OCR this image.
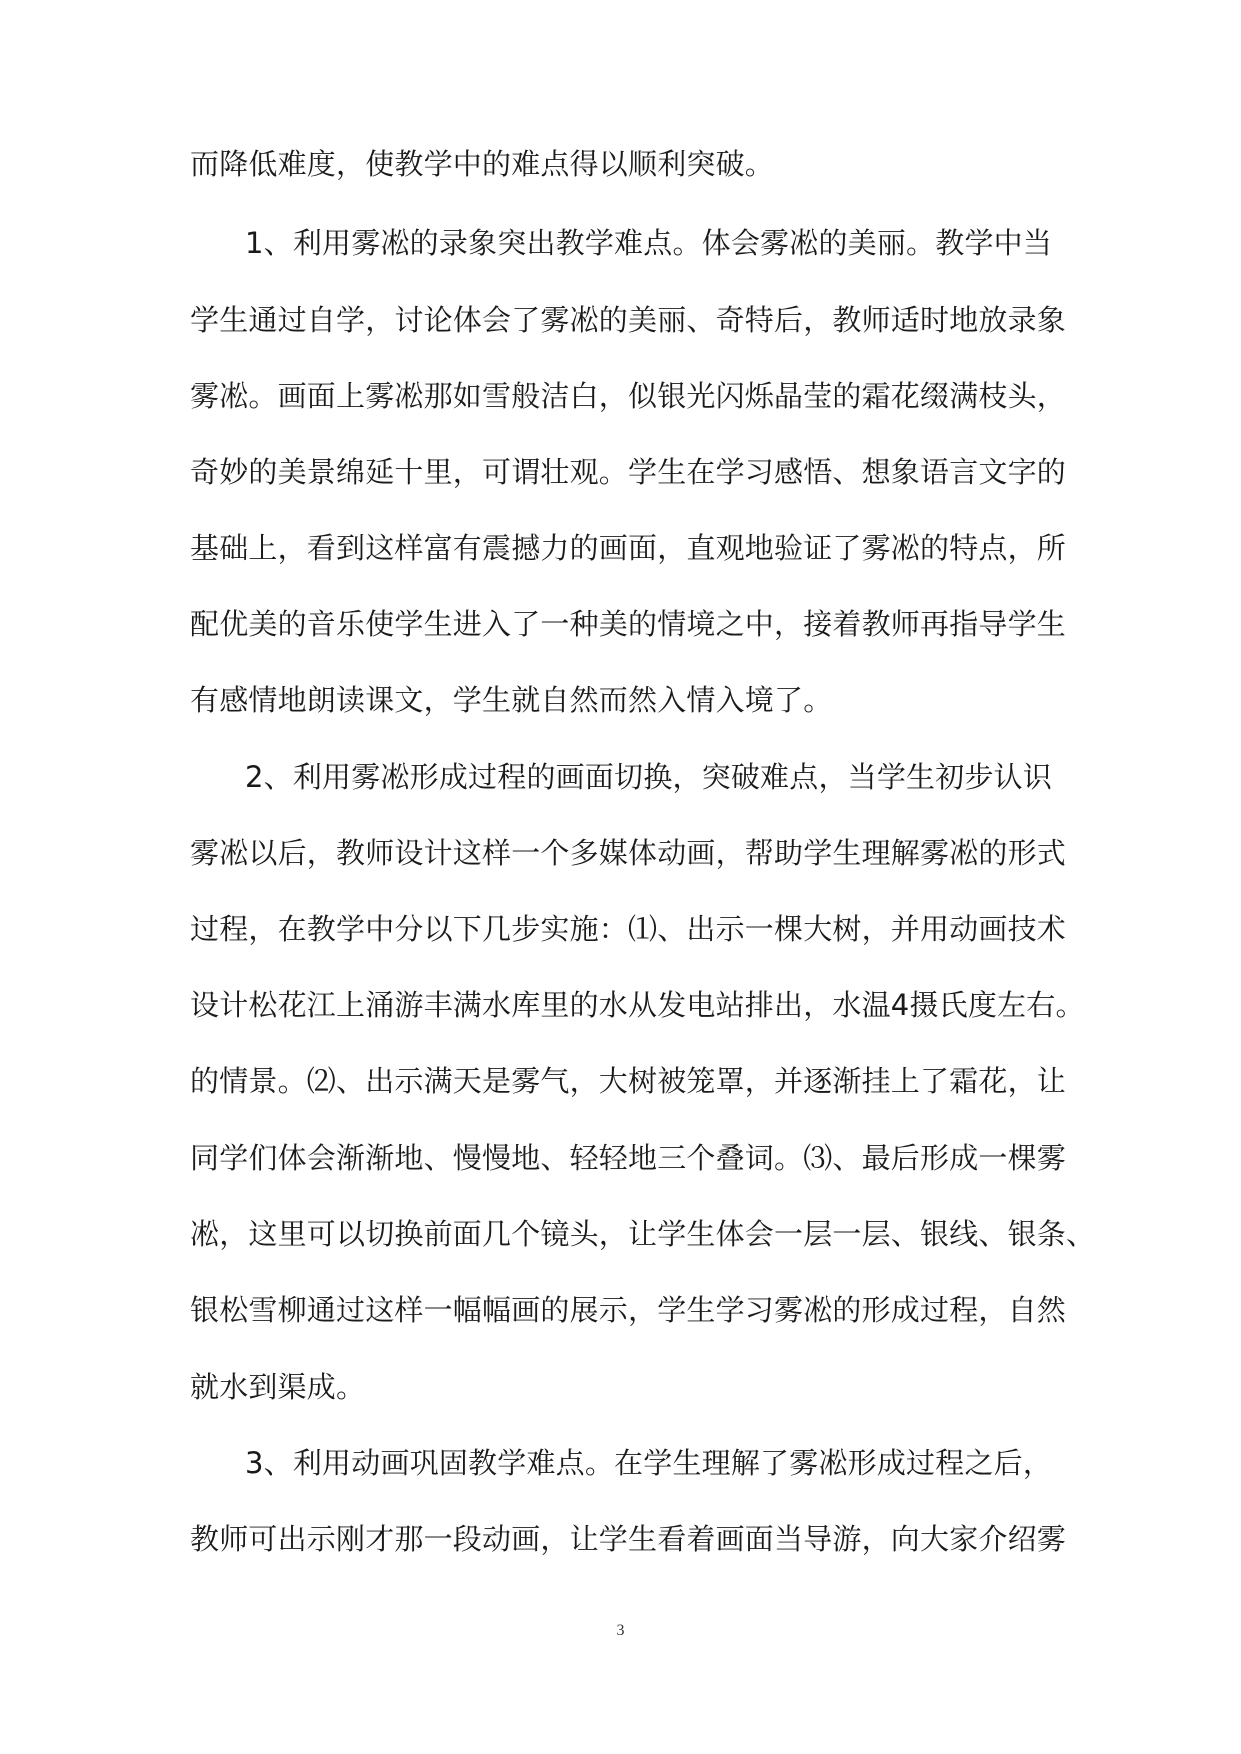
而降低难度，使教学中的难点得以顺利突破。
1、利用雾凇的录象突出教学难点。体会雾凇的美丽。教学中当
学生通过自学，讨论体会了雾凇的美丽、奇特后，教师适时地放录象
雾凇。画面上雾凇那如雪般洁白，似银光闪烁晶莹的霜花缀满枝头，
奇妙的美景绵延十里，可谓壮观。学生在学习感悟、想象语言文字的
基础上，看到这样富有震撼力的画面，直观地验证了雾凇的特点，所
配优美的音乐使学生进入了一种美的情境之中，接着教师再指导学生
有感情地朗读课文，学生就自然而然入情入境了。
2、利用雾凇形成过程的画面切换，突破难点，当学生初步认识
雾凇以后，教师设计这样一个多媒体动画，帮助学生理解雾凇的形式
过程，在教学中分以下几步实施：⑴、出示一棵大树，并用动画技术
设计松花江上涌游丰满水库里的水从发电站排出，水温4摄氏度左右。
的情景。⑵、出示满天是雾气，大树被笼罩，并逐渐挂上了霜花，让
同学们体会渐渐地、慢慢地、轻轻地三个叠词。⑶、最后形成一棵雾
凇，这里可以切换前面几个镜头，让学生体会一层一层、银线、银条、
银松雪柳通过这样一幅幅画的展示，学生学习雾凇的形成过程，自然
就水到渠成。
3、利用动画巩固教学难点。在学生理解了雾凇形成过程之后，
教师可出示刚才那一段动画，让学生看着画面当导游，向大家介绍雾
3
